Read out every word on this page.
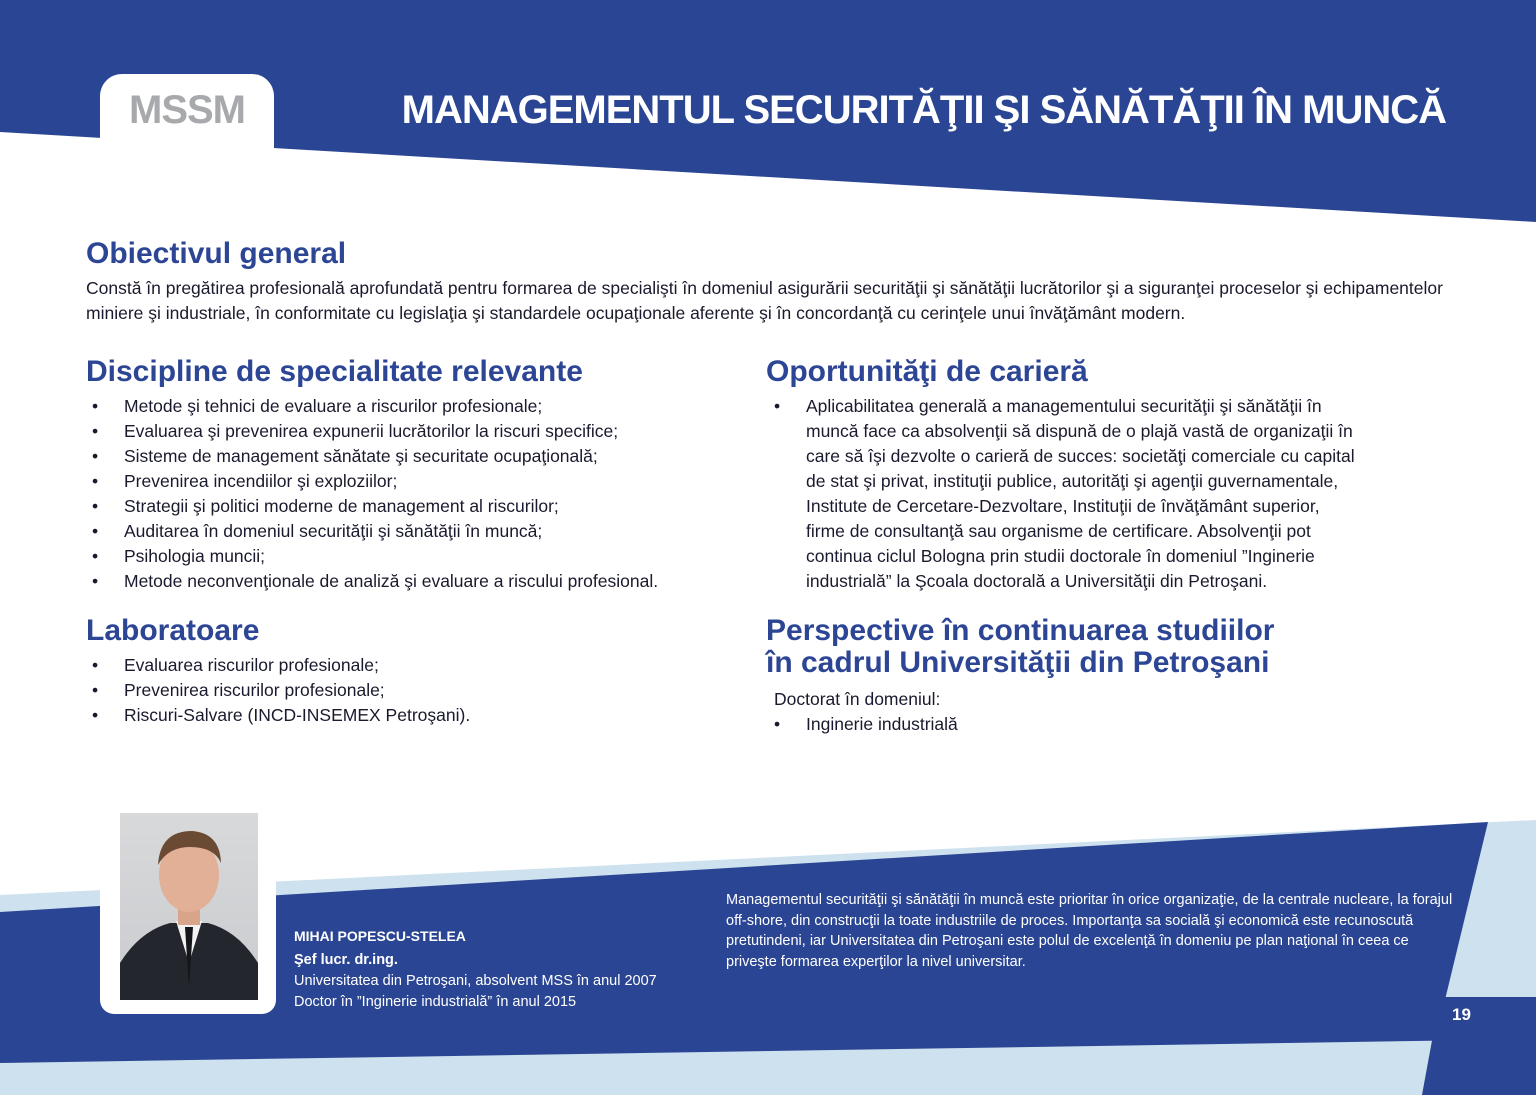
MSSM	MANAGEMENTUL SECURITĂŢII ŞI SĂNĂTĂŢII ÎN MUNCĂ
Obiectivul general

Constă în pregătirea profesională aprofundată pentru formarea de specialişti în domeniul asigurării securităţii şi sănătăţii lucrătorilor şi a siguranţei proceselor şi echipamentelor miniere şi industriale, în conformitate cu legislaţia şi standardele ocupaţionale aferente şi în concordanţă cu cerinţele unui învăţământ modern.

Discipline de specialitate relevante
• Metode şi tehnici de evaluare a riscurilor profesionale;
• Evaluarea şi prevenirea expunerii lucrătorilor la riscuri specifice;
• Sisteme de management sănătate şi securitate ocupaţională;
• Prevenirea incendiilor şi exploziilor;
• Strategii şi politici moderne de management al riscurilor;
• Auditarea în domeniul securităţii şi sănătăţii în muncă;
• Psihologia muncii;
• Metode neconvenţionale de analiză şi evaluare a riscului profesional.
Laboratoare
• Evaluarea riscurilor profesionale;
• Prevenirea riscurilor profesionale;
• Riscuri-Salvare (INCD-INSEMEX Petroşani).
Oportunităţi de carieră
• Aplicabilitatea generală a managementului securităţii şi sănătăţii în
muncă face ca absolvenţii să dispună de o plajă vastă de organizaţii în
care să îşi dezvolte o carieră de succes: societăţi comerciale cu capital
de stat şi privat, instituţii publice, autorităţi şi agenţii guvernamentale,
Institute de Cercetare-Dezvoltare, Instituţii de învăţământ superior,
firme de consultanţă sau organisme de certificare. Absolvenţii pot
continua ciclul Bologna prin studii doctorale în domeniul ”Inginerie
industrială” la Şcoala doctorală a Universităţii din Petroşani.
Perspective în continuarea studiilor
în cadrul Universităţii din Petroşani

Doctorat în domeniul:

• Inginerie industrială
MIHAI POPESCU-STELEA
Şef lucr. dr.ing.
Universitatea din Petroşani, absolvent MSS în anul 2007
Doctor în ”Inginerie industrială” în anul 2015
Managementul securităţii şi sănătăţii în muncă este prioritar în orice organizaţie, de la centrale nucleare, la forajul off-shore, din construcţii la toate industriile de proces. Importanţa sa socială şi economică este recunoscută pretutindeni, iar Universitatea din Petroşani este polul de excelenţă în domeniu pe plan naţional în ceea ce priveşte formarea experţilor la nivel universitar.
19
